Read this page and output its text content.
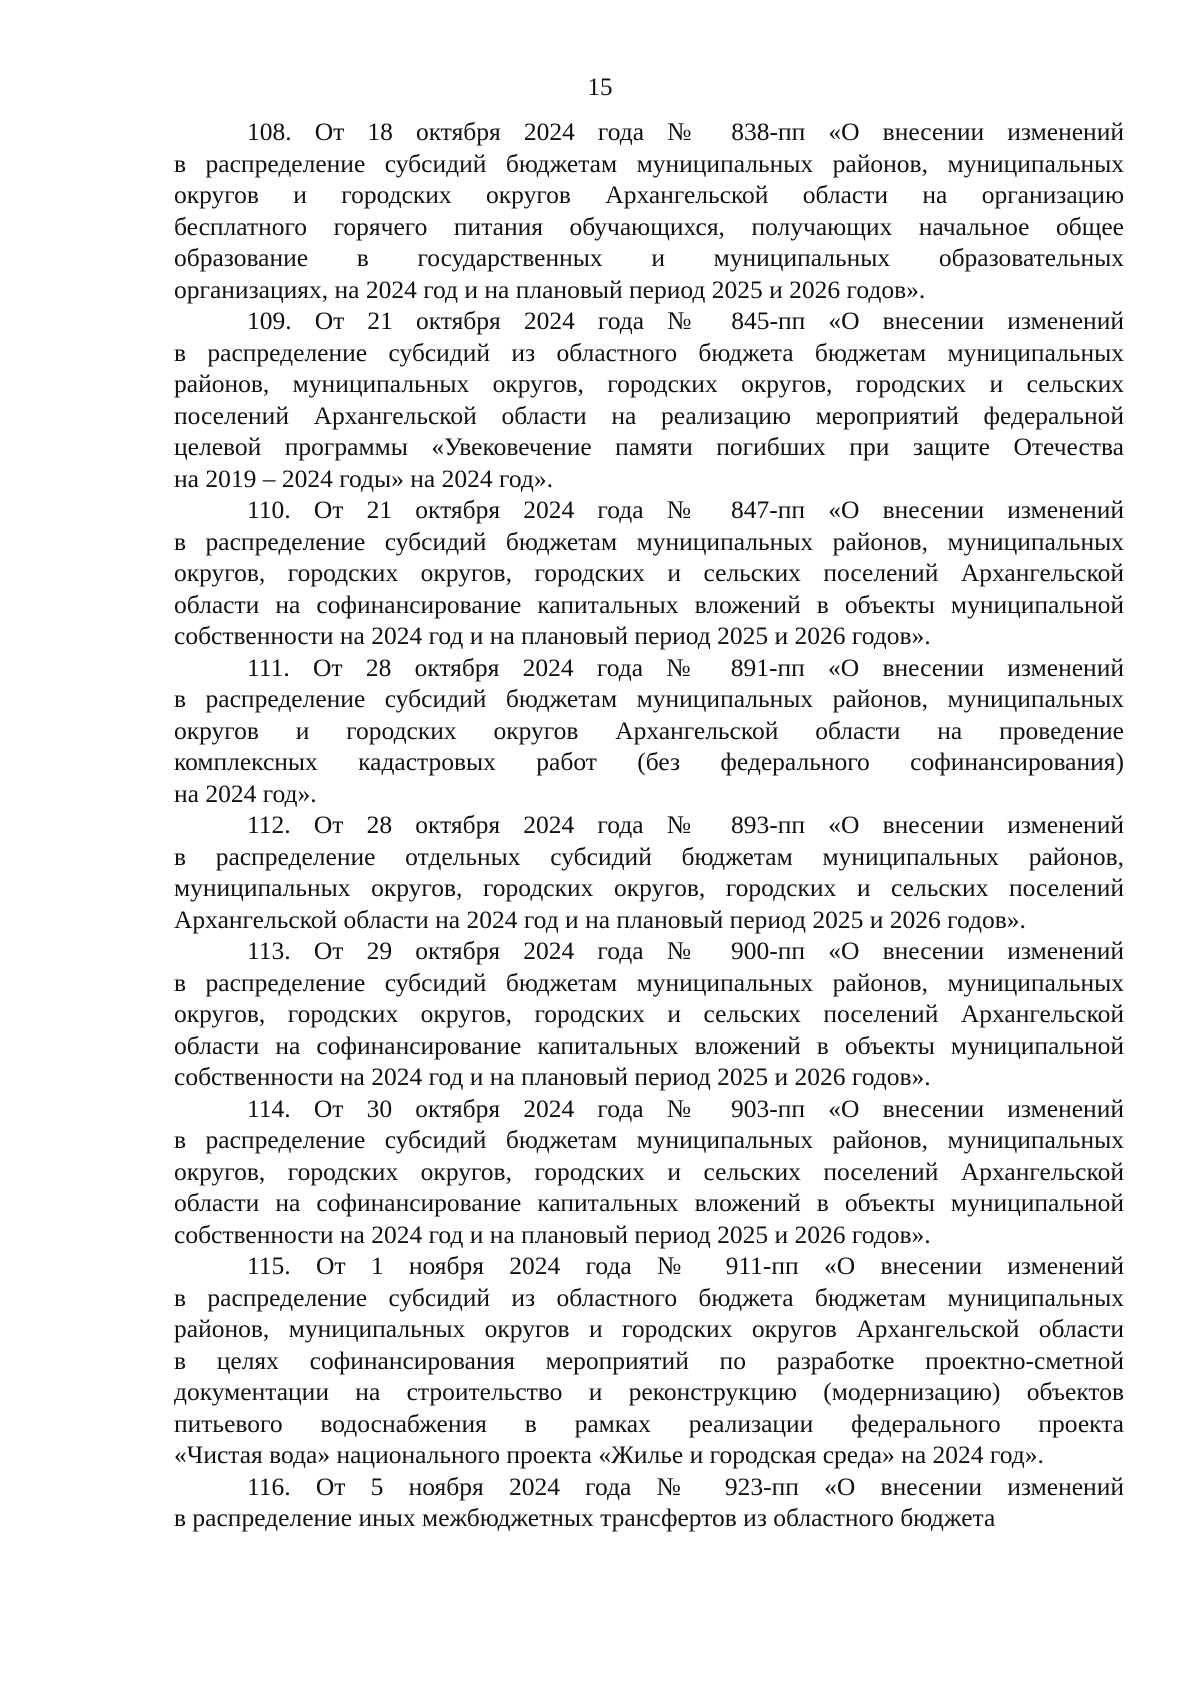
15
108. От 18 октября 2024 года № 838-пп «О внесении изменений
в распределение субсидий бюджетам муниципальных районов, муниципальных
округов и городских округов Архангельской области на организацию
бесплатного горячего питания обучающихся, получающих начальное общее
образование в государственных и муниципальных образовательных
организациях, на 2024 год и на плановый период 2025 и 2026 годов».
109. От 21 октября 2024 года № 845-пп «О внесении изменений
в распределение субсидий из областного бюджета бюджетам муниципальных
районов, муниципальных округов, городских округов, городских и сельских
поселений Архангельской области на реализацию мероприятий федеральной
целевой программы «Увековечение памяти погибших при защите Отечества
на 2019 – 2024 годы» на 2024 год».
110. От 21 октября 2024 года № 847-пп «О внесении изменений
в распределение субсидий бюджетам муниципальных районов, муниципальных
округов, городских округов, городских и сельских поселений Архангельской
области на софинансирование капитальных вложений в объекты муниципальной
собственности на 2024 год и на плановый период 2025 и 2026 годов».
111. От 28 октября 2024 года № 891-пп «О внесении изменений
в распределение субсидий бюджетам муниципальных районов, муниципальных
округов и городских округов Архангельской области на проведение
комплексных кадастровых работ (без федерального софинансирования)
на 2024 год».
112. От 28 октября 2024 года № 893-пп «О внесении изменений
в распределение отдельных субсидий бюджетам муниципальных районов,
муниципальных округов, городских округов, городских и сельских поселений
Архангельской области на 2024 год и на плановый период 2025 и 2026 годов».
113. От 29 октября 2024 года № 900-пп «О внесении изменений
в распределение субсидий бюджетам муниципальных районов, муниципальных
округов, городских округов, городских и сельских поселений Архангельской
области на софинансирование капитальных вложений в объекты муниципальной
собственности на 2024 год и на плановый период 2025 и 2026 годов».
114. От 30 октября 2024 года № 903-пп «О внесении изменений
в распределение субсидий бюджетам муниципальных районов, муниципальных
округов, городских округов, городских и сельских поселений Архангельской
области на софинансирование капитальных вложений в объекты муниципальной
собственности на 2024 год и на плановый период 2025 и 2026 годов».
115. От 1 ноября 2024 года № 911-пп «О внесении изменений
в распределение субсидий из областного бюджета бюджетам муниципальных
районов, муниципальных округов и городских округов Архангельской области
в целях софинансирования мероприятий по разработке проектно-сметной
документации на строительство и реконструкцию (модернизацию) объектов
питьевого водоснабжения в рамках реализации федерального проекта
«Чистая вода» национального проекта «Жилье и городская среда» на 2024 год».
116. От 5 ноября 2024 года № 923-пп «О внесении изменений
в распределение иных межбюджетных трансфертов из областного бюджета
